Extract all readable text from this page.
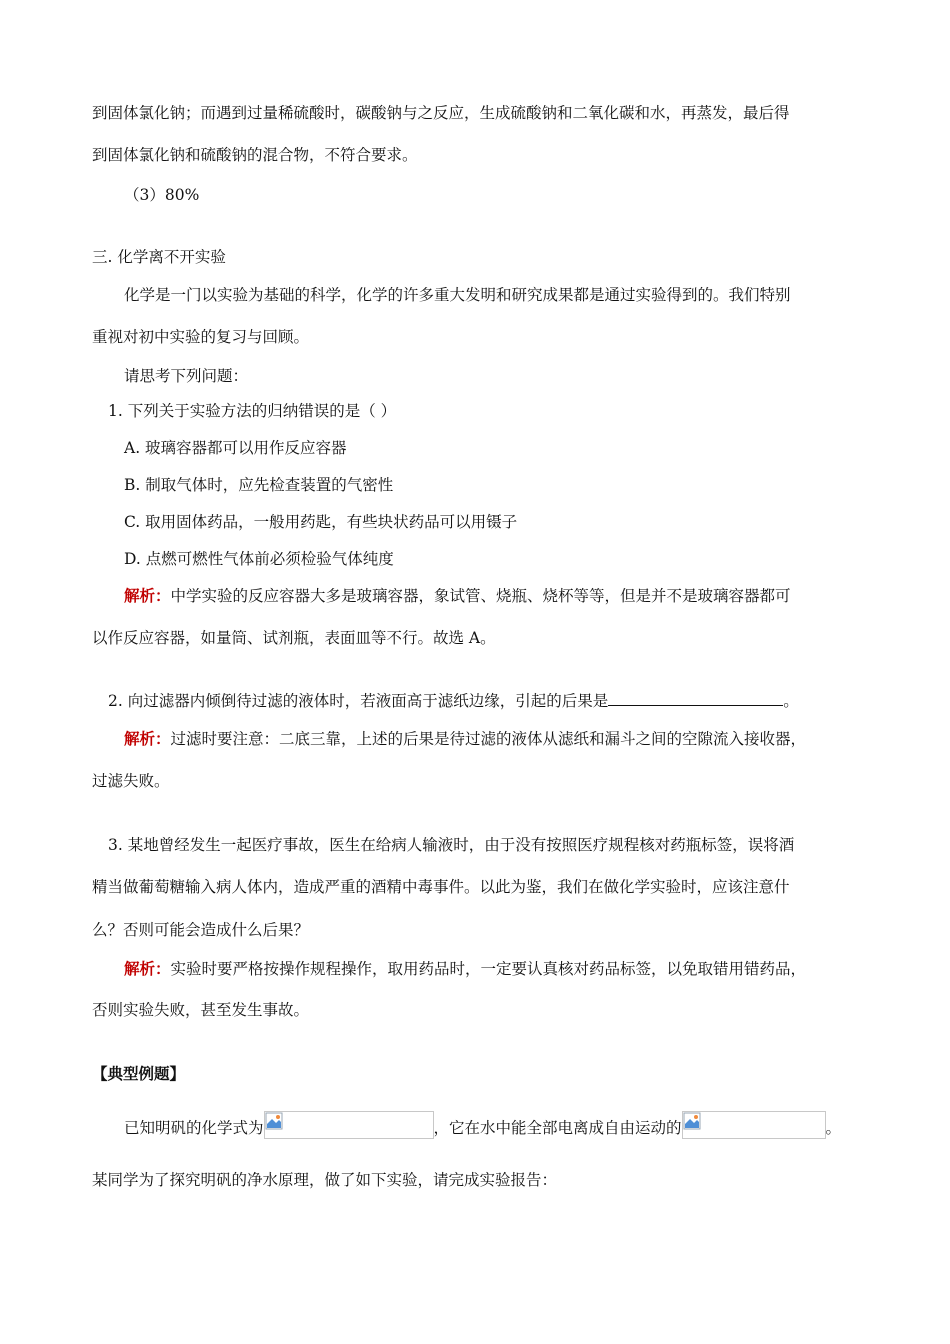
到固体氯化钠；而遇到过量稀硫酸时，碳酸钠与之反应，生成硫酸钠和二氧化碳和水，再蒸发，最后得
到固体氯化钠和硫酸钠的混合物，不符合要求。
（3）80%
三. 化学离不开实验
化学是一门以实验为基础的科学，化学的许多重大发明和研究成果都是通过实验得到的。我们特别
重视对初中实验的复习与回顾。
请思考下列问题：
1. 下列关于实验方法的归纳错误的是（ ）
A. 玻璃容器都可以用作反应容器
B. 制取气体时，应先检查装置的气密性
C. 取用固体药品，一般用药匙，有些块状药品可以用镊子
D. 点燃可燃性气体前必须检验气体纯度
解析：中学实验的反应容器大多是玻璃容器，象试管、烧瓶、烧杯等等，但是并不是玻璃容器都可
以作反应容器，如量筒、试剂瓶，表面皿等不行。故选 A。
2. 向过滤器内倾倒待过滤的液体时，若液面高于滤纸边缘，引起的后果是	。
解析：过滤时要注意：二底三靠，上述的后果是待过滤的液体从滤纸和漏斗之间的空隙流入接收器，
过滤失败。
3. 某地曾经发生一起医疗事故，医生在给病人输液时，由于没有按照医疗规程核对药瓶标签，误将酒
精当做葡萄糖输入病人体内，造成严重的酒精中毒事件。以此为鉴，我们在做化学实验时，应该注意什
么？否则可能会造成什么后果？
解析：实验时要严格按操作规程操作，取用药品时，一定要认真核对药品标签，以免取错用错药品，
否则实验失败，甚至发生事故。
【典型例题】
已知明矾的化学式为	，它在水中能全部电离成自由运动的	。
某同学为了探究明矾的净水原理，做了如下实验，请完成实验报告：
